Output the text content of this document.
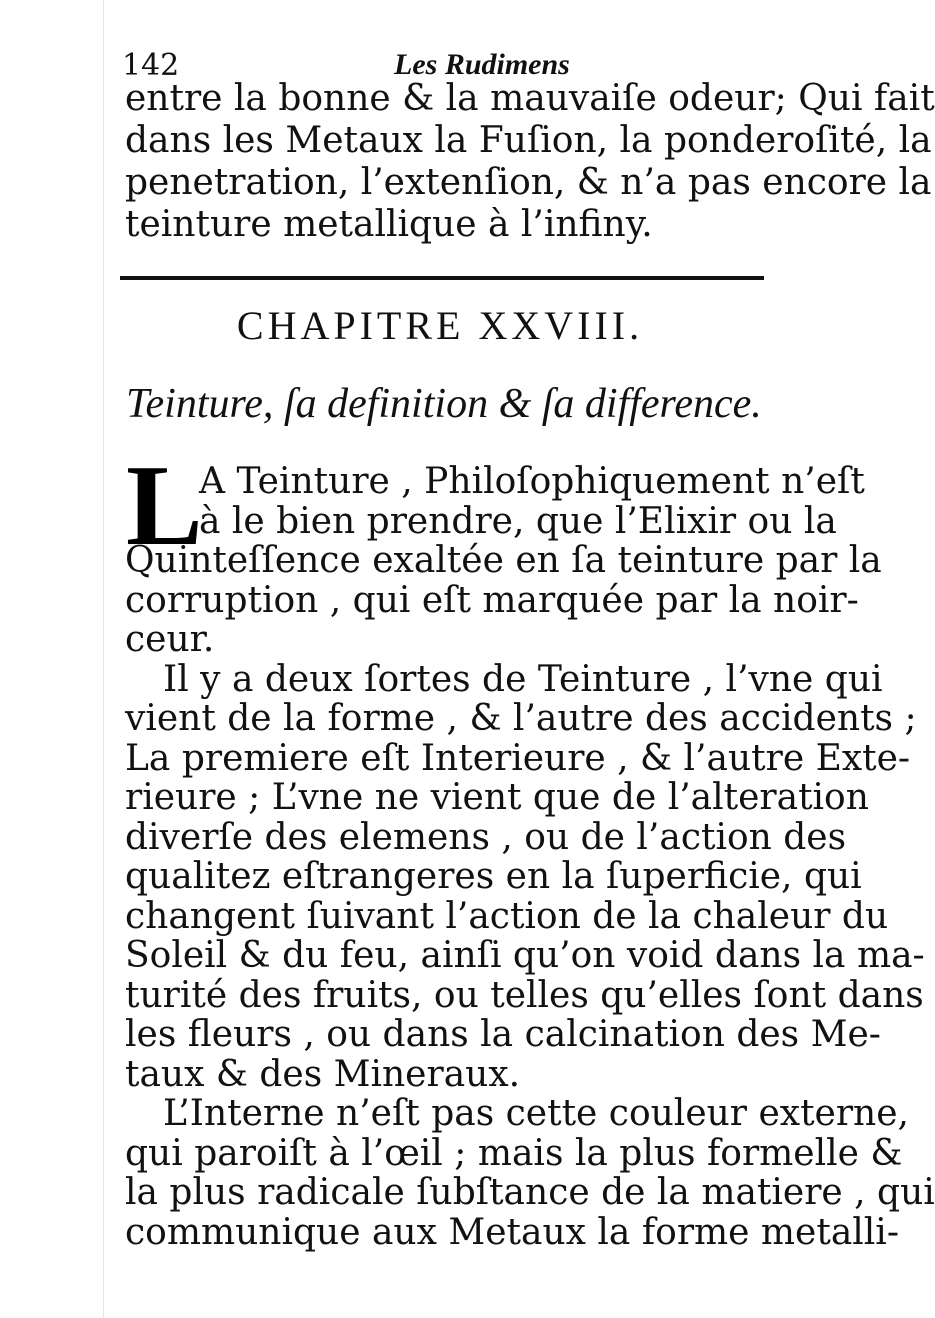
142	Les Rudimens
entre la bonne & la mauvaiſe odeur; Qui fait
dans les Metaux la Fuſion, la ponderoſité, la
penetration, l’extenſion, & n’a pas encore la
teinture metallique à l’infiny.
CHAPITRE XXVIII.
Teinture, ſa definition & ſa difference.
L
A Teinture , Philoſophiquement n’eſt
à le bien prendre, que l’Elixir ou la
Quinteſſence exaltée en ſa teinture par la
corruption , qui eſt marquée par la noir-
ceur.
Il y a deux ſortes de Teinture , l’vne qui
vient de la forme , & l’autre des accidents ;
La premiere eſt Interieure , & l’autre Exte-
rieure ; L’vne ne vient que de l’alteration
diverſe des elemens , ou de l’action des
qualitez eſtrangeres en la ſuperficie, qui
changent ſuivant l’action de la chaleur du
Soleil & du feu, ainſi qu’on void dans la ma-
turité des fruits, ou telles qu’elles ſont dans
les fleurs , ou dans la calcination des Me-
taux & des Mineraux.
L’Interne n’eſt pas cette couleur externe,
qui paroiſt à l’œil ; mais la plus formelle &
la plus radicale ſubſtance de la matiere , qui
communique aux Metaux la forme metalli-
